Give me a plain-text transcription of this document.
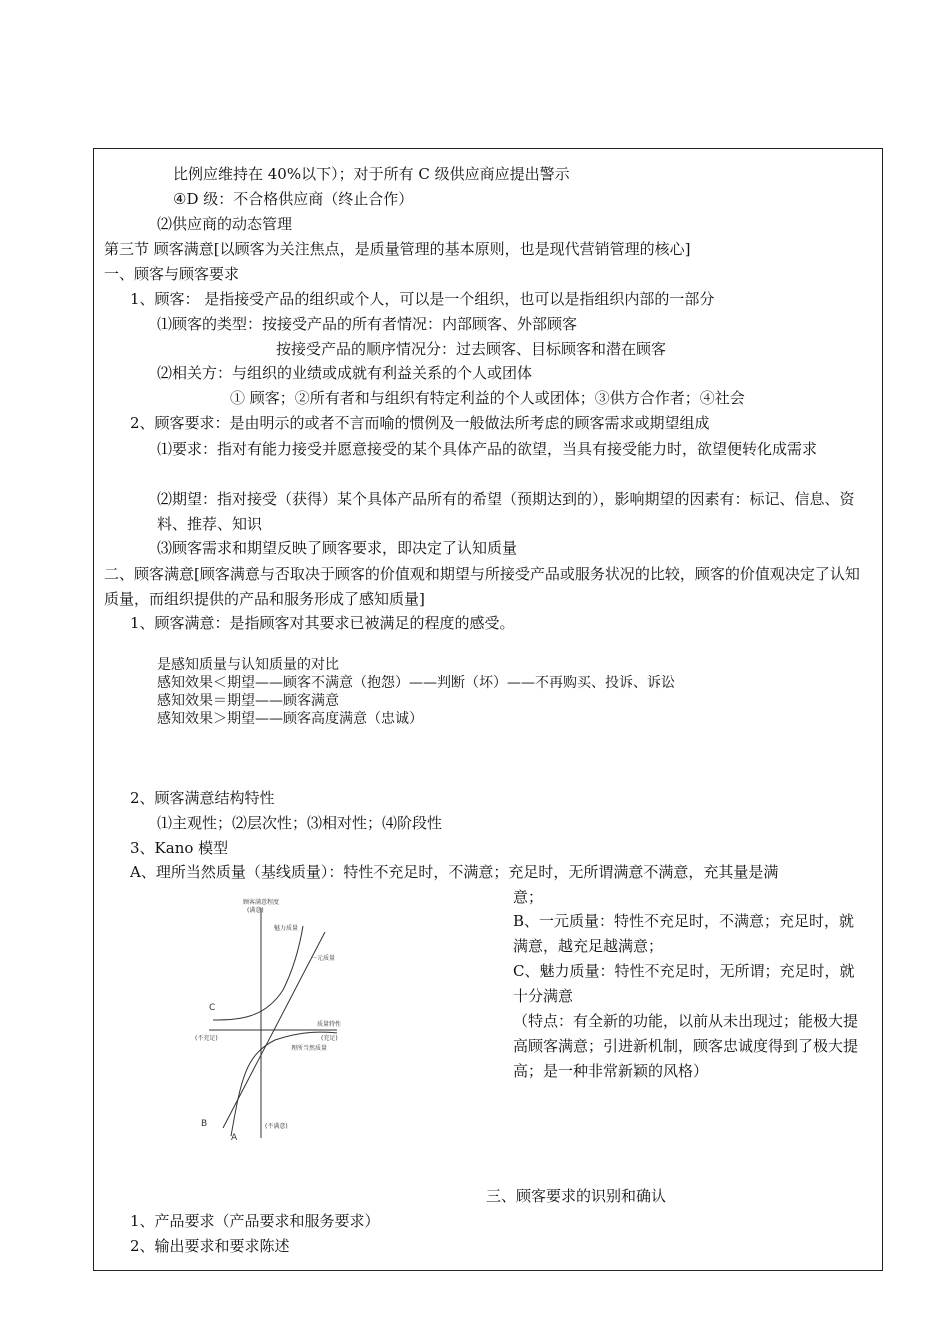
比例应维持在 40%以下）；对于所有 C 级供应商应提出警示
④D 级：不合格供应商（终止合作）
⑵供应商的动态管理
第三节 顾客满意[以顾客为关注焦点，是质量管理的基本原则，也是现代营销管理的核心]
一、顾客与顾客要求
1、顾客： 是指接受产品的组织或个人，可以是一个组织，也可以是指组织内部的一部分
⑴顾客的类型：按接受产品的所有者情况：内部顾客、外部顾客
按接受产品的顺序情况分：过去顾客、目标顾客和潜在顾客
⑵相关方：与组织的业绩或成就有利益关系的个人或团体
① 顾客；②所有者和与组织有特定利益的个人或团体；③供方合作者；④社会
2、顾客要求：是由明示的或者不言而喻的惯例及一般做法所考虑的顾客需求或期望组成
⑴要求：指对有能力接受并愿意接受的某个具体产品的欲望，当具有接受能力时，欲望便转化成需求
⑵期望：指对接受（获得）某个具体产品所有的希望（预期达到的），影响期望的因素有：标记、信息、资料、推荐、知识
⑶顾客需求和期望反映了顾客要求，即决定了认知质量
二、顾客满意[顾客满意与否取决于顾客的价值观和期望与所接受产品或服务状况的比较，顾客的价值观决定了认知质量，而组织提供的产品和服务形成了感知质量]
1、顾客满意：是指顾客对其要求已被满足的程度的感受。
是感知质量与认知质量的对比
感知效果＜期望——顾客不满意（抱怨）——判断（坏）——不再购买、投诉、诉讼
感知效果＝期望——顾客满意
感知效果＞期望——顾客高度满意（忠诚）
2、顾客满意结构特性
⑴主观性；⑵层次性；⑶相对性；⑷阶段性
3、Kano 模型
A、理所当然质量（基线质量）：特性不充足时，不满意；充足时，无所谓满意不满意，充其量是满
意；
B、一元质量：特性不充足时，不满意；充足时，就满意，越充足越满意；
C、魅力质量：特性不充足时，无所谓；充足时，就十分满意
（特点：有全新的功能，以前从未出现过；能极大提高顾客满意；引进新机制，顾客忠诚度得到了极大提高；是一种非常新颖的风格）
顾客满意程度
(满意)
魅力质量
一元质量
质量特性
(充足)
(不充足)
理所当然质量
(不满意)
C
B
A
三、顾客要求的识别和确认
1、产品要求（产品要求和服务要求）
2、输出要求和要求陈述
